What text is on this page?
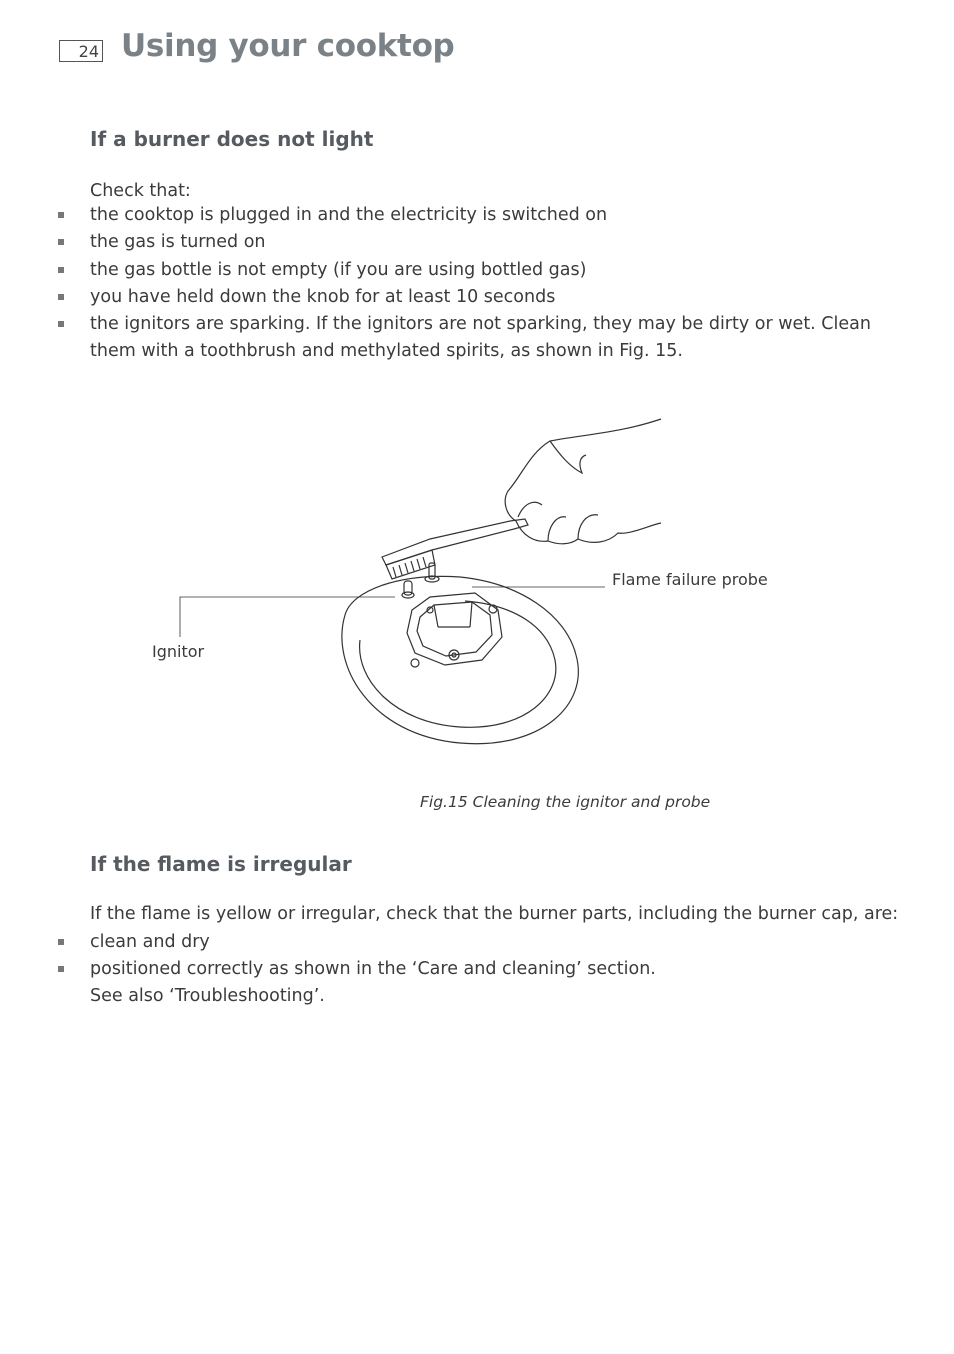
24 Using your cooktop
If a burner does not light

Check that:

the cooktop is plugged in and the electricity is switched on
the gas is turned on
the gas bottle is not empty (if you are using bottled gas)
you have held down the knob for at least 10 seconds
the ignitors are sparking. If the ignitors are not sparking, they may be dirty or wet. Clean them with a toothbrush and methylated spirits, as shown in Fig. 15.
Flame failure probe
Ignitor
Fig.15 Cleaning the ignitor and probe
If the flame is irregular

If the flame is yellow or irregular, check that the burner parts, including the burner cap, are:

clean and dry
positioned correctly as shown in the ‘Care and cleaning’ section.

See also ‘Troubleshooting’.
